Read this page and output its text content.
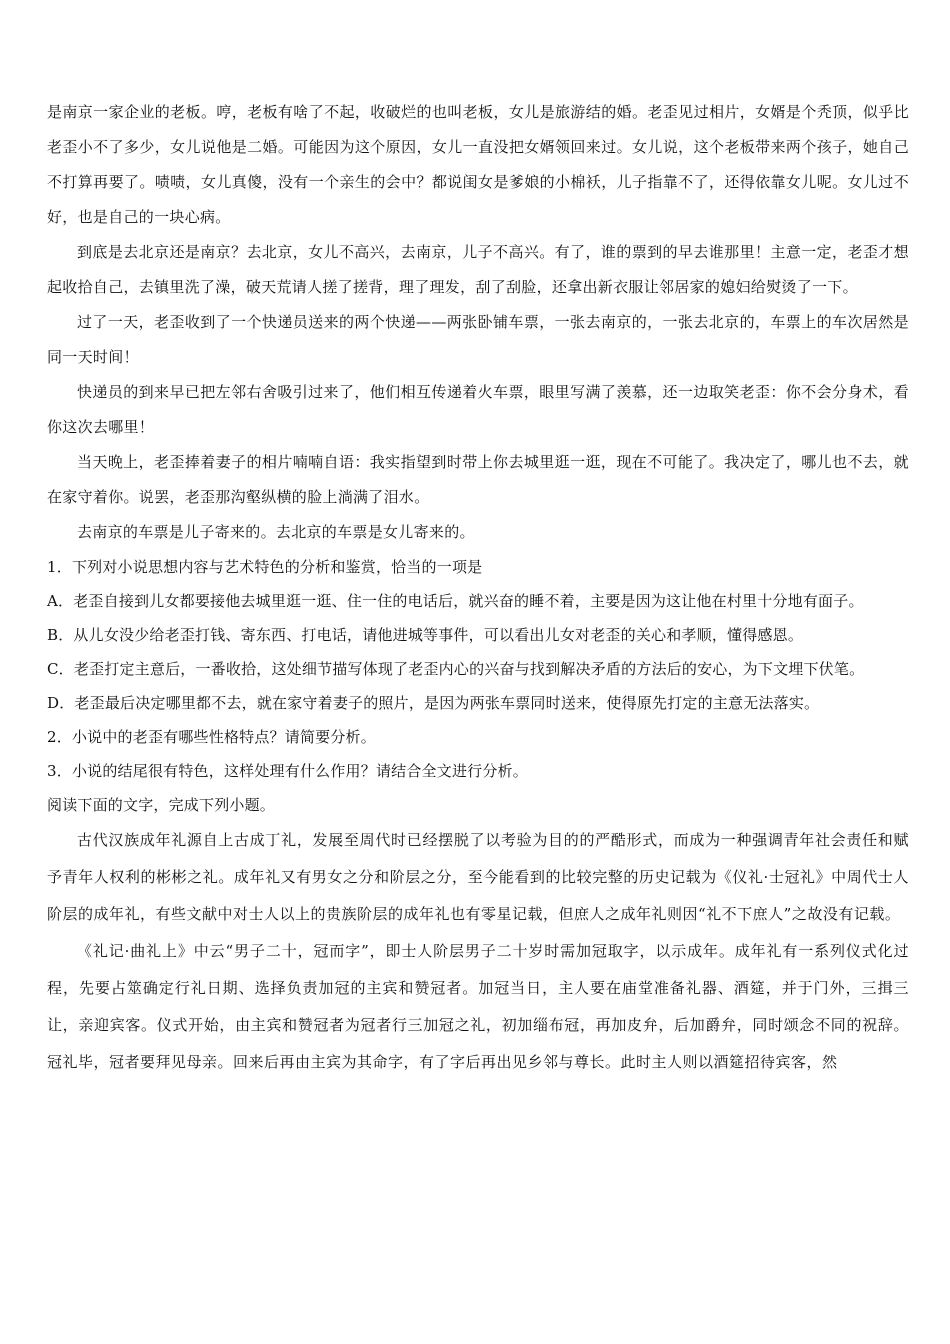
是南京一家企业的老板。哼，老板有啥了不起，收破烂的也叫老板，女儿是旅游结的婚。老歪见过相片，女婿是个秃顶，似乎比老歪小不了多少，女儿说他是二婚。可能因为这个原因，女儿一直没把女婿领回来过。女儿说，这个老板带来两个孩子，她自己不打算再要了。啧啧，女儿真傻，没有一个亲生的会中？都说闺女是爹娘的小棉袄，儿子指靠不了，还得依靠女儿呢。女儿过不好，也是自己的一块心病。

到底是去北京还是南京？去北京，女儿不高兴，去南京，儿子不高兴。有了，谁的票到的早去谁那里！主意一定，老歪才想起收拾自己，去镇里洗了澡，破天荒请人搓了搓背，理了理发，刮了刮脸，还拿出新衣服让邻居家的媳妇给熨烫了一下。

过了一天，老歪收到了一个快递员送来的两个快递——两张卧铺车票，一张去南京的，一张去北京的，车票上的车次居然是同一天时间！

快递员的到来早已把左邻右舍吸引过来了，他们相互传递着火车票，眼里写满了羡慕，还一边取笑老歪：你不会分身术，看你这次去哪里！

当天晚上，老歪捧着妻子的相片喃喃自语：我实指望到时带上你去城里逛一逛，现在不可能了。我决定了，哪儿也不去，就在家守着你。说罢，老歪那沟壑纵横的脸上淌满了泪水。

去南京的车票是儿子寄来的。去北京的车票是女儿寄来的。

1．下列对小说思想内容与艺术特色的分析和鉴赏，恰当的一项是

A．老歪自接到儿女都要接他去城里逛一逛、住一住的电话后，就兴奋的睡不着，主要是因为这让他在村里十分地有面子。

B．从儿女没少给老歪打钱、寄东西、打电话，请他进城等事件，可以看出儿女对老歪的关心和孝顺，懂得感恩。

C．老歪打定主意后，一番收拾，这处细节描写体现了老歪内心的兴奋与找到解决矛盾的方法后的安心，为下文埋下伏笔。

D．老歪最后决定哪里都不去，就在家守着妻子的照片，是因为两张车票同时送来，使得原先打定的主意无法落实。

2．小说中的老歪有哪些性格特点？请简要分析。

3．小说的结尾很有特色，这样处理有什么作用？请结合全文进行分析。

阅读下面的文字，完成下列小题。

古代汉族成年礼源自上古成丁礼，发展至周代时已经摆脱了以考验为目的的严酷形式，而成为一种强调青年社会责任和赋予青年人权利的彬彬之礼。成年礼又有男女之分和阶层之分，至今能看到的比较完整的历史记载为《仪礼·士冠礼》中周代士人阶层的成年礼，有些文献中对士人以上的贵族阶层的成年礼也有零星记载，但庶人之成年礼则因“礼不下庶人”之故没有记载。

《礼记·曲礼上》中云“男子二十，冠而字”，即士人阶层男子二十岁时需加冠取字，以示成年。成年礼有一系列仪式化过程，先要占筮确定行礼日期、选择负责加冠的主宾和赞冠者。加冠当日，主人要在庙堂准备礼器、酒筵，并于门外，三揖三让，亲迎宾客。仪式开始，由主宾和赞冠者为冠者行三加冠之礼，初加缁布冠，再加皮弁，后加爵弁，同时颂念不同的祝辞。冠礼毕，冠者要拜见母亲。回来后再由主宾为其命字，有了字后再出见乡邻与尊长。此时主人则以酒筵招待宾客，然
